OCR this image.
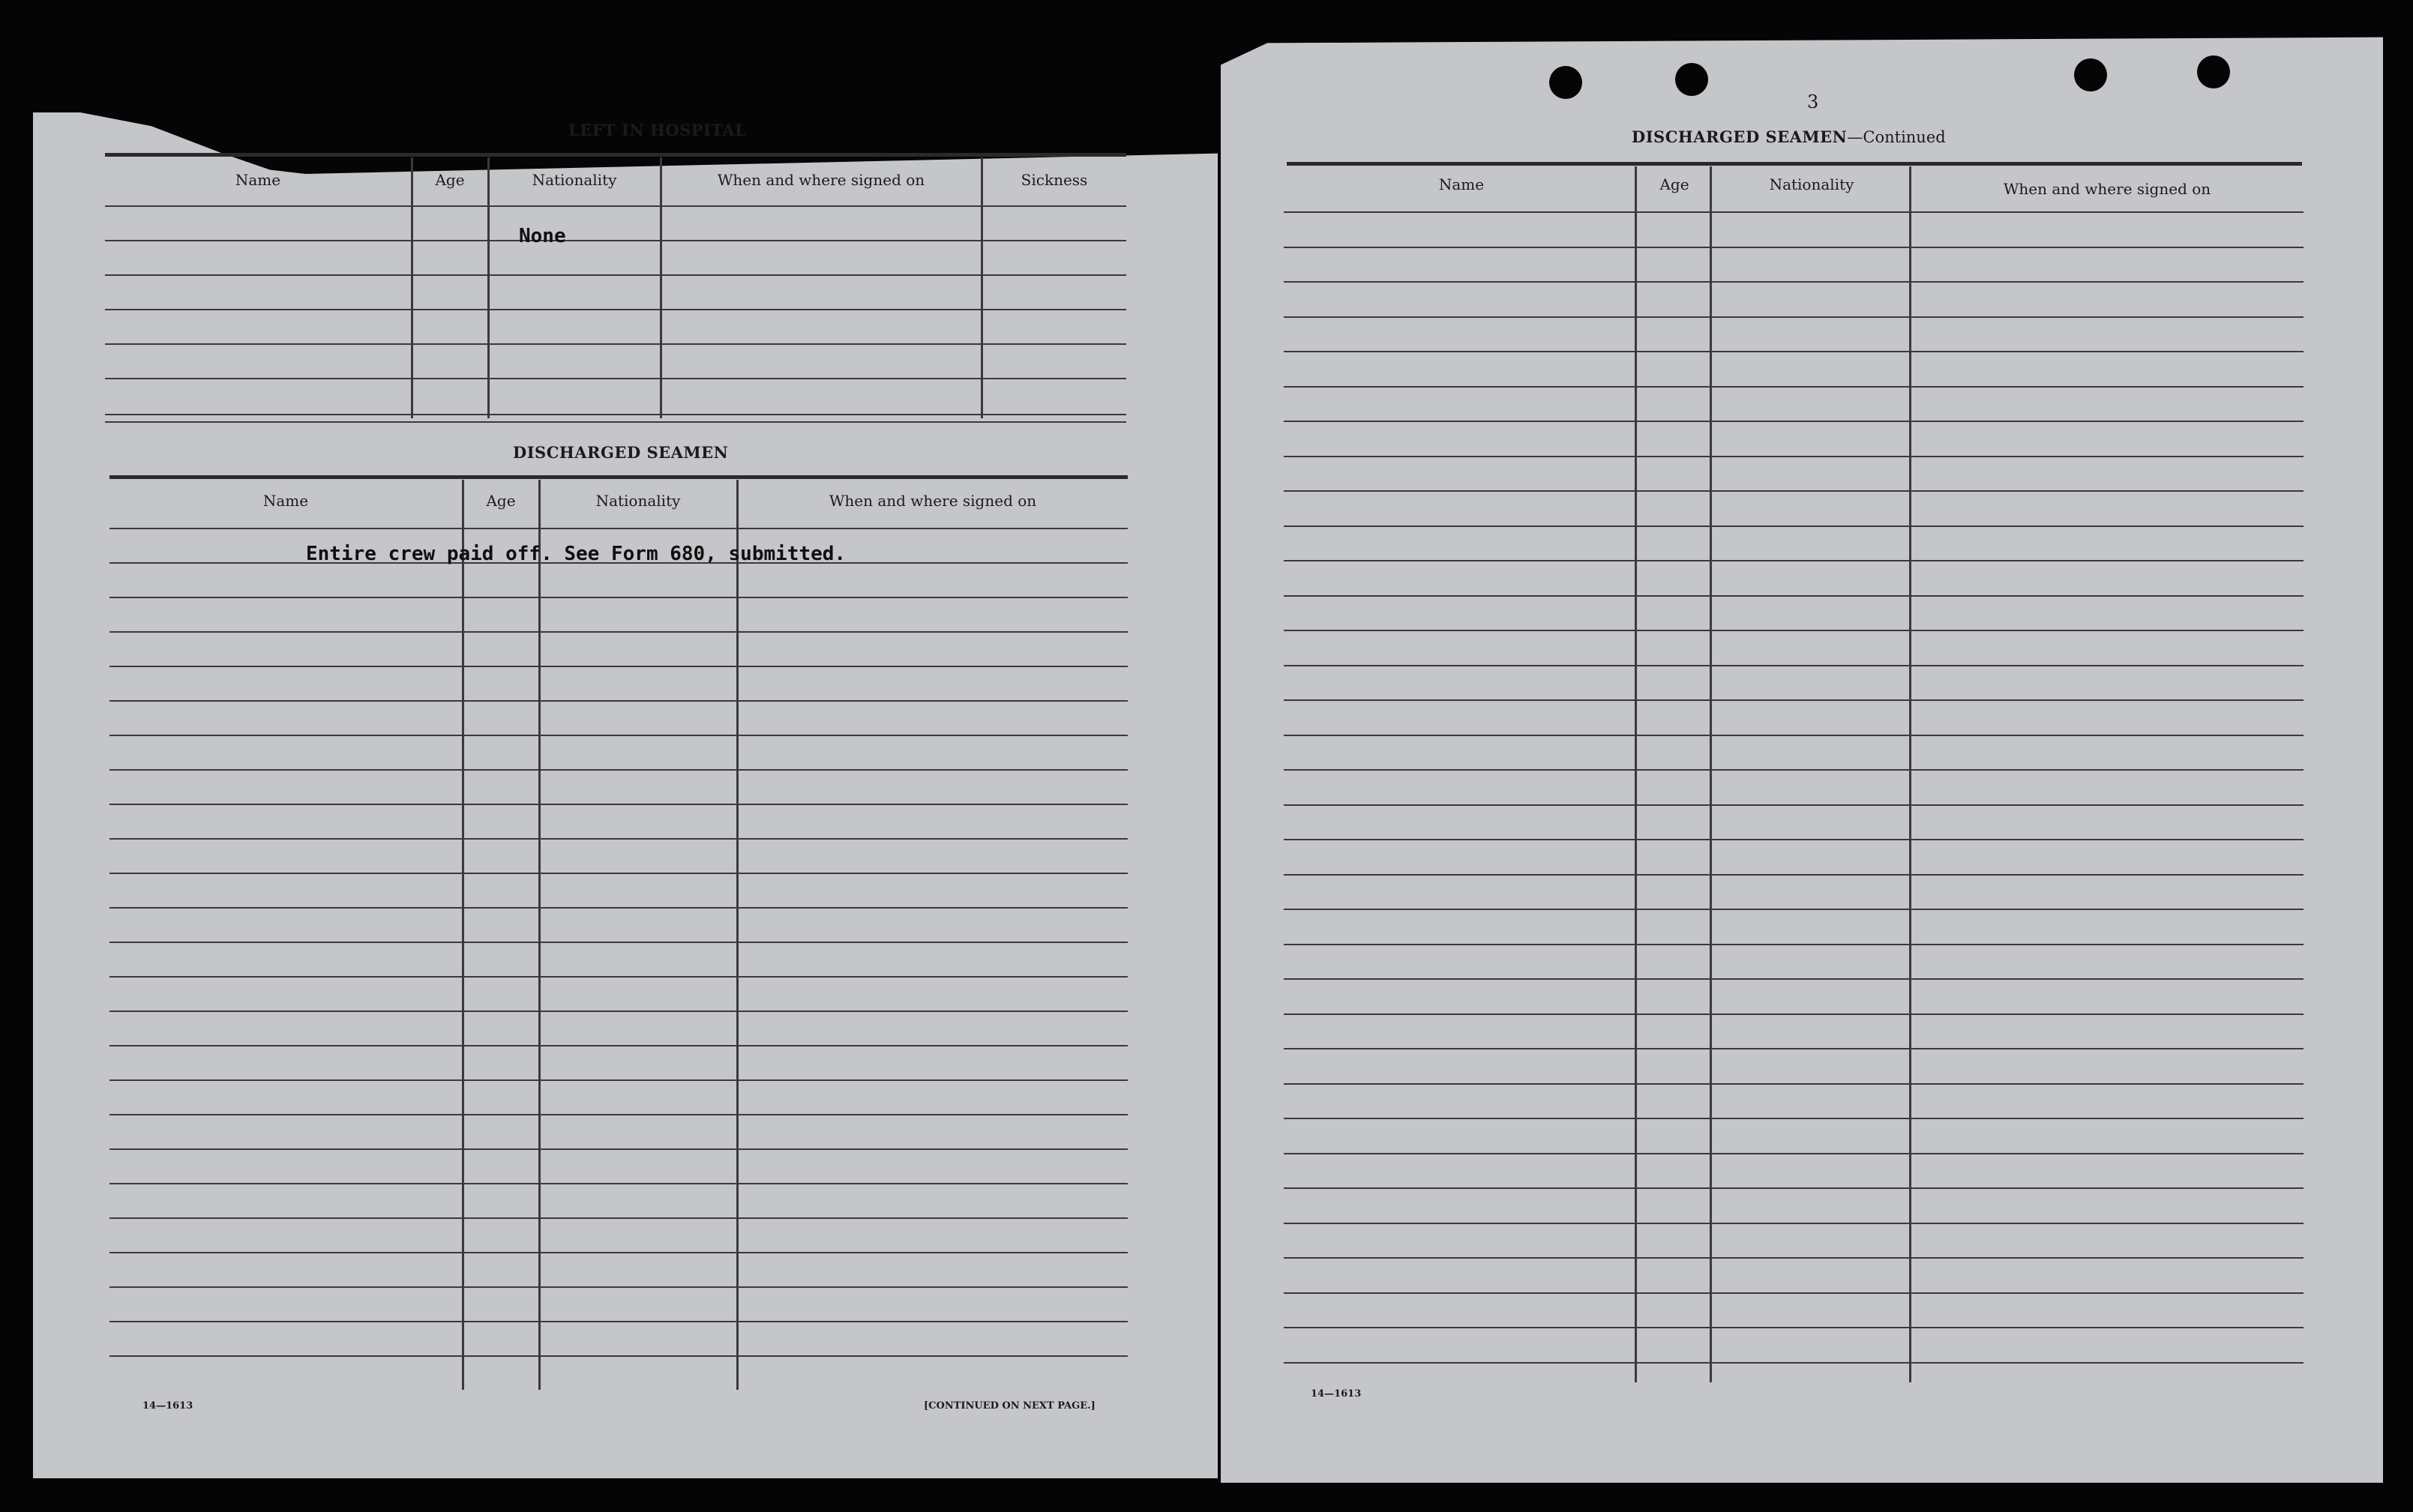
LEFT IN HOSPITAL
Name	Age	Nationality	When and where signed on	Sickness
None
DISCHARGED SEAMEN
Name	Age	Nationality	When and where signed on
Entire crew paid off. See Form 680, submitted.
14—1613	[CONTINUED ON NEXT PAGE.]
3
DISCHARGED SEAMEN—Continued
Name	Age	Nationality	When and where signed on
14—1613
